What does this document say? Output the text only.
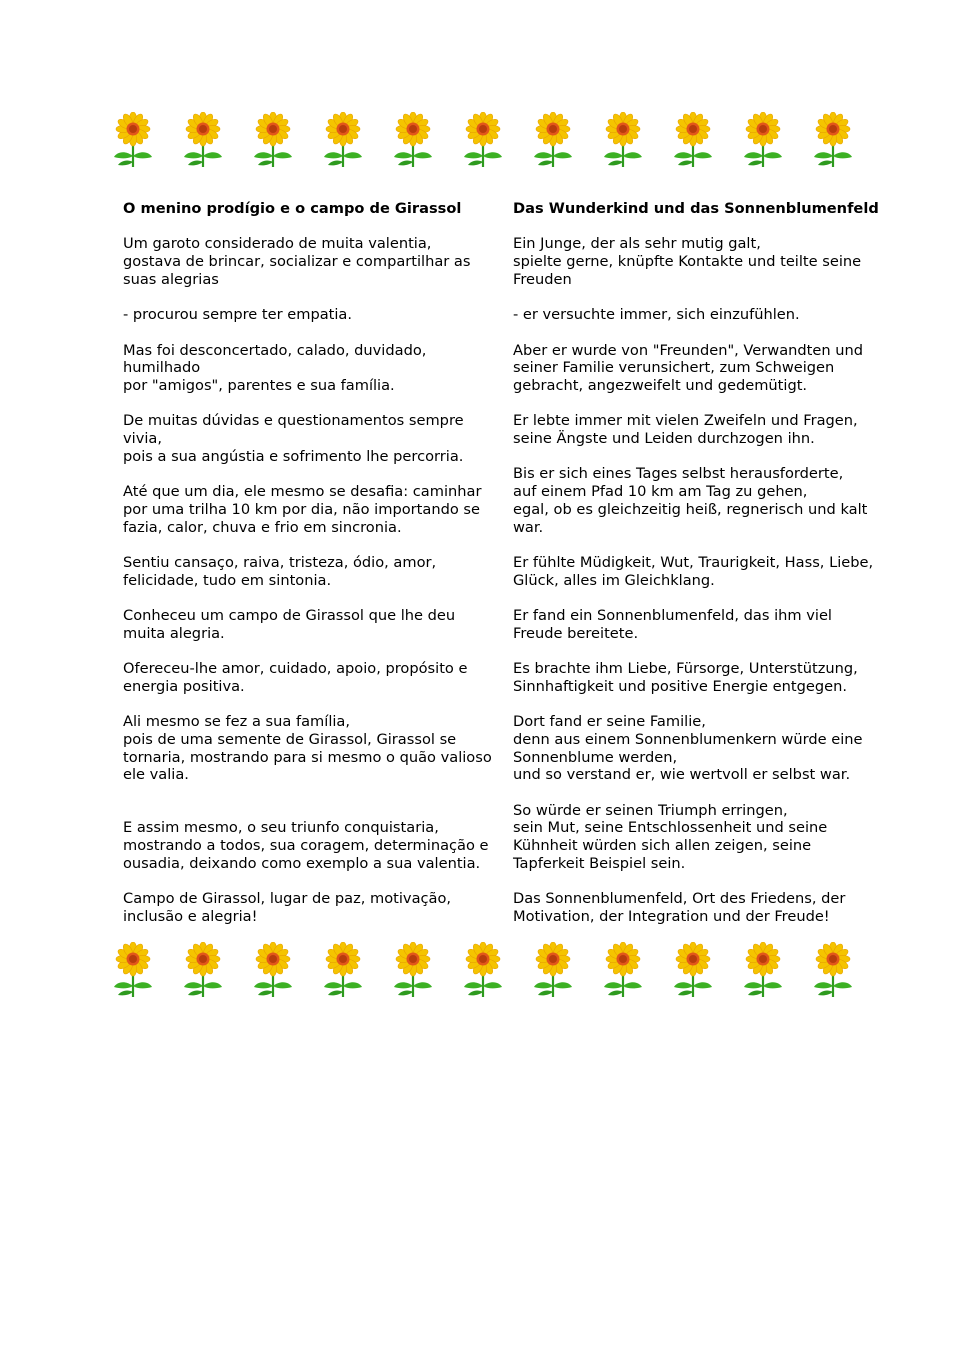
O menino prodígio e o campo de Girassol
Um garoto considerado de muita valentia,
gostava de brincar, socializar e compartilhar as suas alegrias
- procurou sempre ter empatia.
Mas foi desconcertado, calado, duvidado, humilhado
por "amigos", parentes e sua família.
De muitas dúvidas e questionamentos sempre vivia,
pois a sua angústia e sofrimento lhe percorria.
Até que um dia, ele mesmo se desafia: caminhar por uma trilha 10 km por dia, não importando se fazia, calor, chuva e frio em sincronia.
Sentiu cansaço, raiva, tristeza, ódio, amor, felicidade, tudo em sintonia.
Conheceu um campo de Girassol que lhe deu muita alegria.
Ofereceu-lhe amor, cuidado, apoio, propósito e energia positiva.
Ali mesmo se fez a sua família,
pois de uma semente de Girassol, Girassol se tornaria, mostrando para si mesmo o quão valioso ele valia.
E assim mesmo, o seu triunfo conquistaria, mostrando a todos, sua coragem, determinação e ousadia, deixando como exemplo a sua valentia.
Campo de Girassol, lugar de paz, motivação, inclusão e alegria!
Das Wunderkind und das Sonnenblumenfeld
Ein Junge, der als sehr mutig galt,
spielte gerne, knüpfte Kontakte und teilte seine Freuden
- er versuchte immer, sich einzufühlen.
Aber er wurde von "Freunden", Verwandten und seiner Familie verunsichert, zum Schweigen gebracht, angezweifelt und gedemütigt.
Er lebte immer mit vielen Zweifeln und Fragen,
seine Ängste und Leiden durchzogen ihn.
Bis er sich eines Tages selbst herausforderte,
auf einem Pfad 10 km am Tag zu gehen,
egal, ob es gleichzeitig heiß, regnerisch und kalt war.
Er fühlte Müdigkeit, Wut, Traurigkeit, Hass, Liebe, Glück, alles im Gleichklang.
Er fand ein Sonnenblumenfeld, das ihm viel Freude bereitete.
Es brachte ihm Liebe, Fürsorge, Unterstützung, Sinnhaftigkeit und positive Energie entgegen.
Dort fand er seine Familie,
denn aus einem Sonnenblumenkern würde eine Sonnenblume werden,
und so verstand er, wie wertvoll er selbst war.
So würde er seinen Triumph erringen,
sein Mut, seine Entschlossenheit und seine Kühnheit würden sich allen zeigen, seine Tapferkeit Beispiel sein.
Das Sonnenblumenfeld, Ort des Friedens, der Motivation, der Integration und der Freude!
